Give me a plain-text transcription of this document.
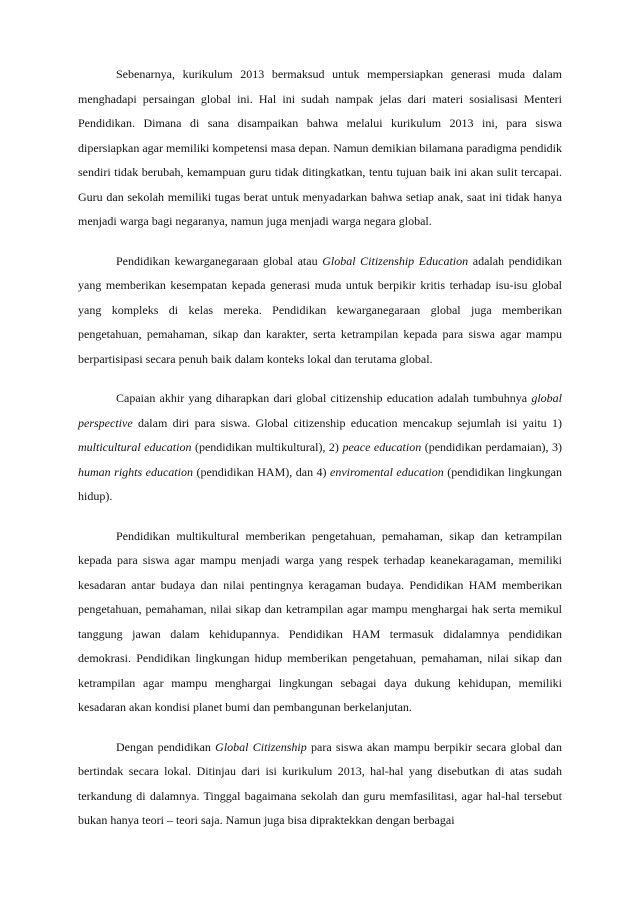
Sebenarnya, kurikulum 2013 bermaksud untuk mempersiapkan generasi muda dalam menghadapi persaingan global ini. Hal ini sudah nampak jelas dari materi sosialisasi Menteri Pendidikan. Dimana di sana disampaikan bahwa melalui kurikulum 2013 ini, para siswa dipersiapkan agar memiliki kompetensi masa depan. Namun demikian bilamana paradigma pendidik sendiri tidak berubah, kemampuan guru tidak ditingkatkan, tentu tujuan baik ini akan sulit tercapai. Guru dan sekolah memiliki tugas berat untuk menyadarkan bahwa setiap anak, saat ini tidak hanya menjadi warga bagi negaranya, namun juga menjadi warga negara global.

Pendidikan kewarganegaraan global atau Global Citizenship Education adalah pendidikan yang memberikan kesempatan kepada generasi muda untuk berpikir kritis terhadap isu-isu global yang kompleks di kelas mereka. Pendidikan kewarganegaraan global juga memberikan pengetahuan, pemahaman, sikap dan karakter, serta ketrampilan kepada para siswa agar mampu berpartisipasi secara penuh baik dalam konteks lokal dan terutama global.

Capaian akhir yang diharapkan dari global citizenship education adalah tumbuhnya global perspective dalam diri para siswa. Global citizenship education mencakup sejumlah isi yaitu 1) multicultural education (pendidikan multikultural), 2) peace education (pendidikan perdamaian), 3) human rights education (pendidikan HAM), dan 4) enviromental education (pendidikan lingkungan hidup).

Pendidikan multikultural memberikan pengetahuan, pemahaman, sikap dan ketrampilan kepada para siswa agar mampu menjadi warga yang respek terhadap keanekaragaman, memiliki kesadaran antar budaya dan nilai pentingnya keragaman budaya. Pendidikan HAM memberikan pengetahuan, pemahaman, nilai sikap dan ketrampilan agar mampu menghargai hak serta memikul tanggung jawan dalam kehidupannya. Pendidikan HAM termasuk didalamnya pendidikan demokrasi. Pendidikan lingkungan hidup memberikan pengetahuan, pemahaman, nilai sikap dan ketrampilan agar mampu menghargai lingkungan sebagai daya dukung kehidupan, memiliki kesadaran akan kondisi planet bumi dan pembangunan berkelanjutan.

Dengan pendidikan Global Citizenship para siswa akan mampu berpikir secara global dan bertindak secara lokal. Ditinjau dari isi kurikulum 2013, hal-hal yang disebutkan di atas sudah terkandung di dalamnya. Tinggal bagaimana sekolah dan guru memfasilitasi, agar hal-hal tersebut bukan hanya teori – teori saja. Namun juga bisa dipraktekkan dengan berbagai
